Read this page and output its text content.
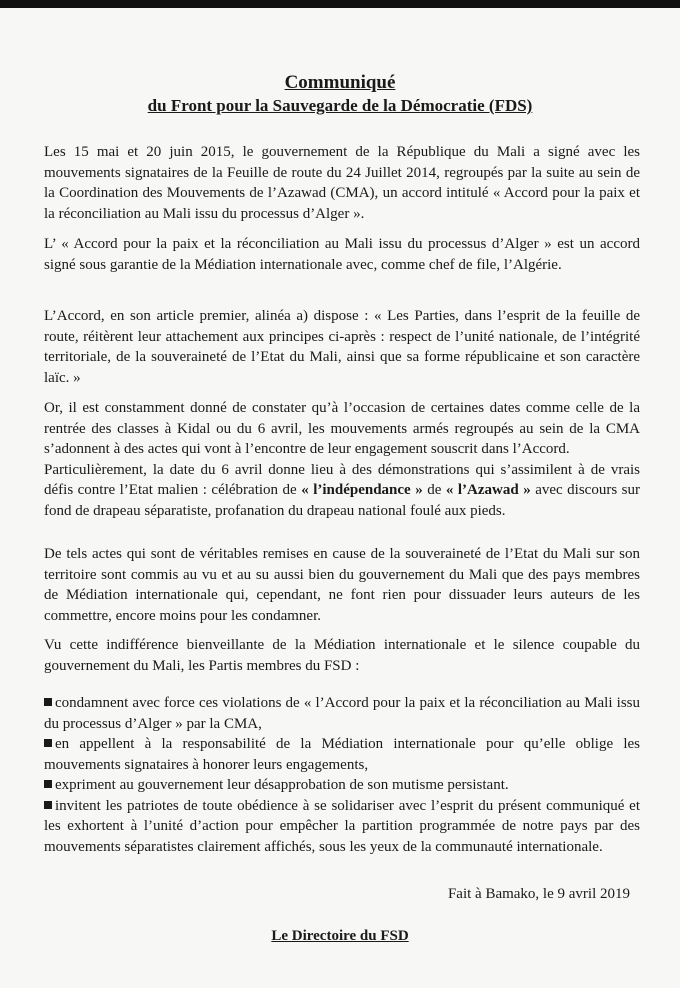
Communiqué
du Front pour la Sauvegarde de la Démocratie (FDS)

Les 15 mai et 20 juin 2015, le gouvernement de la République du Mali a signé avec les mouvements signataires de la Feuille de route du 24 Juillet 2014, regroupés par la suite au sein de la Coordination des Mouvements de l’Azawad (CMA), un accord intitulé « Accord pour la paix et la réconciliation au Mali issu du processus d’Alger ».

L’ « Accord pour la paix et la réconciliation au Mali issu du processus d’Alger » est un accord signé sous garantie de la Médiation internationale avec, comme chef de file, l’Algérie.

L’Accord, en son article premier, alinéa a) dispose : « Les Parties, dans l’esprit de la feuille de route, réitèrent leur attachement aux principes ci-après : respect de l’unité nationale, de l’intégrité territoriale, de la souveraineté de l’Etat du Mali, ainsi que sa forme républicaine et son caractère laïc. »

Or, il est constamment donné de constater qu’à l’occasion de certaines dates comme celle de la rentrée des classes à Kidal ou du 6 avril, les mouvements armés regroupés au sein de la CMA s’adonnent à des actes qui vont à l’encontre de leur engagement souscrit dans l’Accord.
Particulièrement, la date du 6 avril donne lieu à des démonstrations qui s’assimilent à de vrais défis contre l’Etat malien : célébration de « l’indépendance » de « l’Azawad » avec discours sur fond de drapeau séparatiste, profanation du drapeau national foulé aux pieds.

De tels actes qui sont de véritables remises en cause de la souveraineté de l’Etat du Mali sur son territoire sont commis au vu et au su aussi bien du gouvernement du Mali que des pays membres de Médiation internationale qui, cependant, ne font rien pour dissuader leurs auteurs de les commettre, encore moins pour les condamner.

Vu cette indifférence bienveillante de la Médiation internationale et le silence coupable du gouvernement du Mali, les Partis membres du FSD :

condamnent avec force ces violations de « l’Accord pour la paix et la réconciliation au Mali issu du processus d’Alger » par la CMA,
en appellent à la responsabilité de la Médiation internationale pour qu’elle oblige les mouvements signataires à honorer leurs engagements,
expriment au gouvernement leur désapprobation de son mutisme persistant.
invitent les patriotes de toute obédience à se solidariser avec l’esprit du présent communiqué et les exhortent à l’unité d’action pour empêcher la partition programmée de notre pays par des mouvements séparatistes clairement affichés, sous les yeux de la communauté internationale.
Fait à Bamako, le 9 avril 2019
Le Directoire du FSD
